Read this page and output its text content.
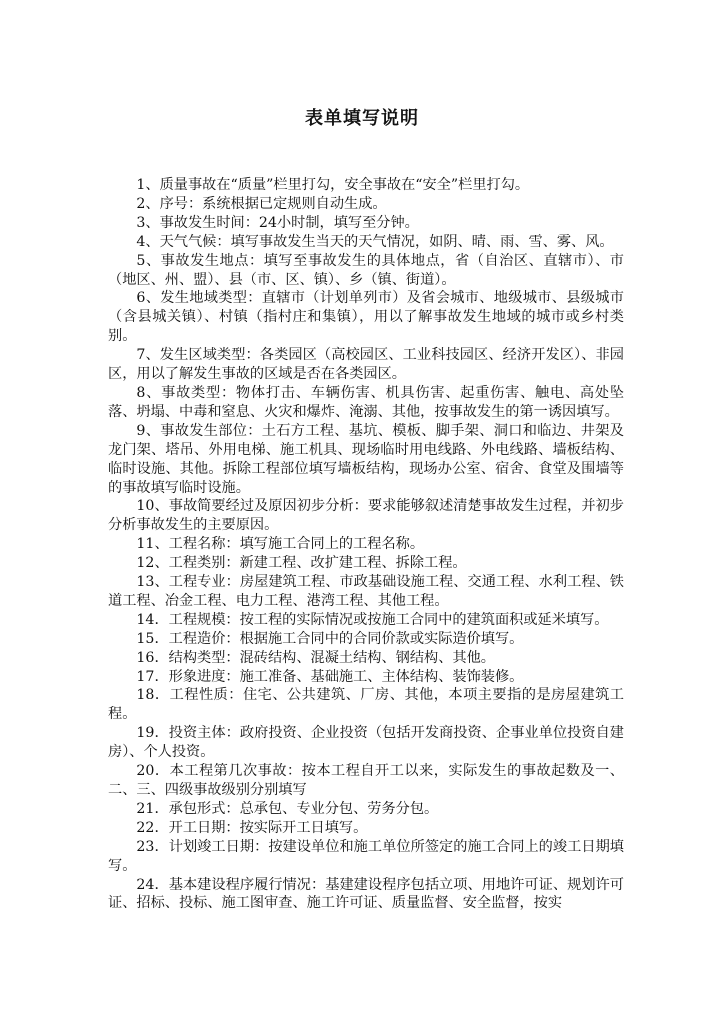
表单填写说明

1、质量事故在“质量”栏里打勾，安全事故在“安全”栏里打勾。

2、序号：系统根据已定规则自动生成。

3、事故发生时间：24小时制，填写至分钟。

4、天气气候：填写事故发生当天的天气情况，如阴、晴、雨、雪、雾、风。

5、事故发生地点：填写至事故发生的具体地点，省（自治区、直辖市）、市（地区、州、盟）、县（市、区、镇）、乡（镇、街道）。

6、发生地域类型：直辖市（计划单列市）及省会城市、地级城市、县级城市（含县城关镇）、村镇（指村庄和集镇），用以了解事故发生地域的城市或乡村类别。

7、发生区域类型：各类园区（高校园区、工业科技园区、经济开发区）、非园区，用以了解发生事故的区域是否在各类园区。

8、事故类型：物体打击、车辆伤害、机具伤害、起重伤害、触电、高处坠落、坍塌、中毒和窒息、火灾和爆炸、淹溺、其他，按事故发生的第一诱因填写。

9、事故发生部位：土石方工程、基坑、模板、脚手架、洞口和临边、井架及龙门架、塔吊、外用电梯、施工机具、现场临时用电线路、外电线路、墙板结构、临时设施、其他。拆除工程部位填写墙板结构，现场办公室、宿舍、食堂及围墙等的事故填写临时设施。

10、事故简要经过及原因初步分析：要求能够叙述清楚事故发生过程，并初步分析事故发生的主要原因。

11、工程名称：填写施工合同上的工程名称。

12、工程类别：新建工程、改扩建工程、拆除工程。

13、工程专业：房屋建筑工程、市政基础设施工程、交通工程、水利工程、铁道工程、冶金工程、电力工程、港湾工程、其他工程。

14．工程规模：按工程的实际情况或按施工合同中的建筑面积或延米填写。

15．工程造价：根据施工合同中的合同价款或实际造价填写。

16．结构类型：混砖结构、混凝土结构、钢结构、其他。

17．形象进度：施工准备、基础施工、主体结构、装饰装修。

18．工程性质：住宅、公共建筑、厂房、其他，本项主要指的是房屋建筑工程。

19．投资主体：政府投资、企业投资（包括开发商投资、企事业单位投资自建房）、个人投资。

20．本工程第几次事故：按本工程自开工以来，实际发生的事故起数及一、二、三、四级事故级别分别填写

21．承包形式：总承包、专业分包、劳务分包。

22．开工日期：按实际开工日填写。

23．计划竣工日期：按建设单位和施工单位所签定的施工合同上的竣工日期填写。

24．基本建设程序履行情况：基建建设程序包括立项、用地许可证、规划许可证、招标、投标、施工图审查、施工许可证、质量监督、安全监督，按实
